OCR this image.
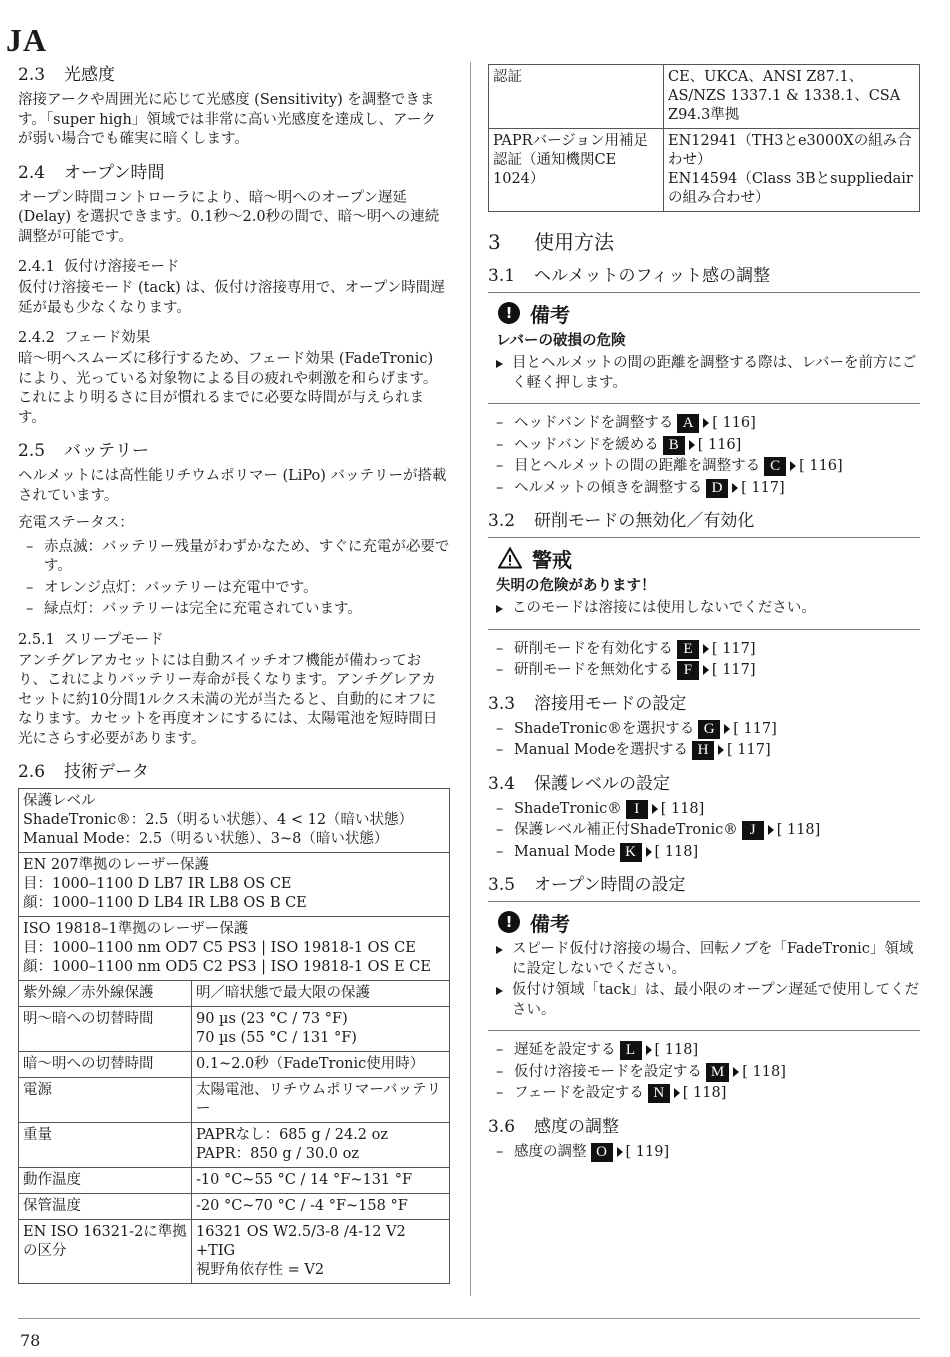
JA
2.3 光感度

溶接アークや周囲光に応じて光感度 (Sensitivity) を調整できます。「super high」領域では非常に高い光感度を達成し、アークが弱い場合でも確実に暗くします。

2.4 オープン時間

オープン時間コントローラにより、暗〜明へのオープン遅延 (Delay) を選択できます。0.1秒〜2.0秒の間で、暗〜明への連続調整が可能です。

2.4.1 仮付け溶接モード

仮付け溶接モード (tack) は、仮付け溶接専用で、オープン時間遅延が最も少なくなります。

2.4.2 フェード効果

暗〜明へスムーズに移行するため、フェード効果 (FadeTronic) により、光っている対象物による目の疲れや刺激を和らげます。これにより明るさに目が慣れるまでに必要な時間が与えられます。

2.5 バッテリー

ヘルメットには高性能リチウムポリマー (LiPo) バッテリーが搭載されています。

充電ステータス：

– 赤点滅：バッテリー残量がわずかなため、すぐに充電が必要です。
– オレンジ点灯：バッテリーは充電中です。
– 緑点灯：バッテリーは完全に充電されています。
2.5.1 スリープモード

アンチグレアカセットには自動スイッチオフ機能が備わっており、これによりバッテリー寿命が長くなります。アンチグレアカセットに約10分間1ルクス未満の光が当たると、自動的にオフになります。カセットを再度オンにするには、太陽電池を短時間日光にさらす必要があります。

2.6 技術データ
保護レベル
ShadeTronic®：2.5（明るい状態）、4 < 12（暗い状態）
Manual Mode：2.5（明るい状態）、3~8（暗い状態）	

EN 207準拠のレーザー保護
目：1000–1100 D LB7 IR LB8 OS CE
顔：1000–1100 D LB4 IR LB8 OS B CE	

ISO 19818–1準拠のレーザー保護
目：1000–1100 nm OD7 C5 PS3 | ISO 19818-1 OS CE
顔：1000–1100 nm OD5 C2 PS3 | ISO 19818-1 OS E CE	

紫外線／赤外線保護	明／暗状態で最大限の保護

明〜暗への切替時間	90 µs (23 °C / 73 °F)
70 µs (55 °C / 131 °F)

暗〜明への切替時間	0.1~2.0秒（FadeTronic使用時）

電源	太陽電池、リチウムポリマーバッテリー

重量	PAPRなし：685 g / 24.2 oz
PAPR：850 g / 30.0 oz

動作温度	-10 °C~55 °C / 14 °F~131 °F

保管温度	-20 °C~70 °C / -4 °F~158 °F

EN ISO 16321-2に準拠の区分	16321 OS W2.5/3-8 /4-12 V2 +TIG
視野角依存性 = V2
認証	CE、UKCA、ANSI Z87.1、AS/NZS 1337.1 & 1338.1、CSA Z94.3準拠
PAPRバージョン用補足認証（通知機関CE 1024）	EN12941（TH3とe3000Xの組み合わせ）
EN14594（Class 3Bとsuppliedairの組み合わせ）
3 使用方法
3.1 ヘルメットのフィット感の調整
! 備考
レバーの破損の危険
目とヘルメットの間の距離を調整する際は、レバーを前方にごく軽く押します。
– ヘッドバンドを調整する A [ 116]
– ヘッドバンドを緩める B [ 116]
– 目とヘルメットの間の距離を調整する C [ 116]
– ヘルメットの傾きを調整する D [ 117]
3.2 研削モードの無効化／有効化
警戒
失明の危険があります！
このモードは溶接には使用しないでください。
– 研削モードを有効化する E [ 117]
– 研削モードを無効化する F [ 117]
3.3 溶接用モードの設定
– ShadeTronic®を選択する G [ 117]
– Manual Modeを選択する H [ 117]
3.4 保護レベルの設定
– ShadeTronic® I [ 118]
– 保護レベル補正付ShadeTronic® J [ 118]
– Manual Mode K [ 118]
3.5 オープン時間の設定
! 備考
スピード仮付け溶接の場合、回転ノブを「FadeTronic」領域に設定しないでください。
仮付け領域「tack」は、最小限のオープン遅延で使用してください。
– 遅延を設定する L [ 118]
– 仮付け溶接モードを設定する M [ 118]
– フェードを設定する N [ 118]
3.6 感度の調整
– 感度の調整 O [ 119]
78
